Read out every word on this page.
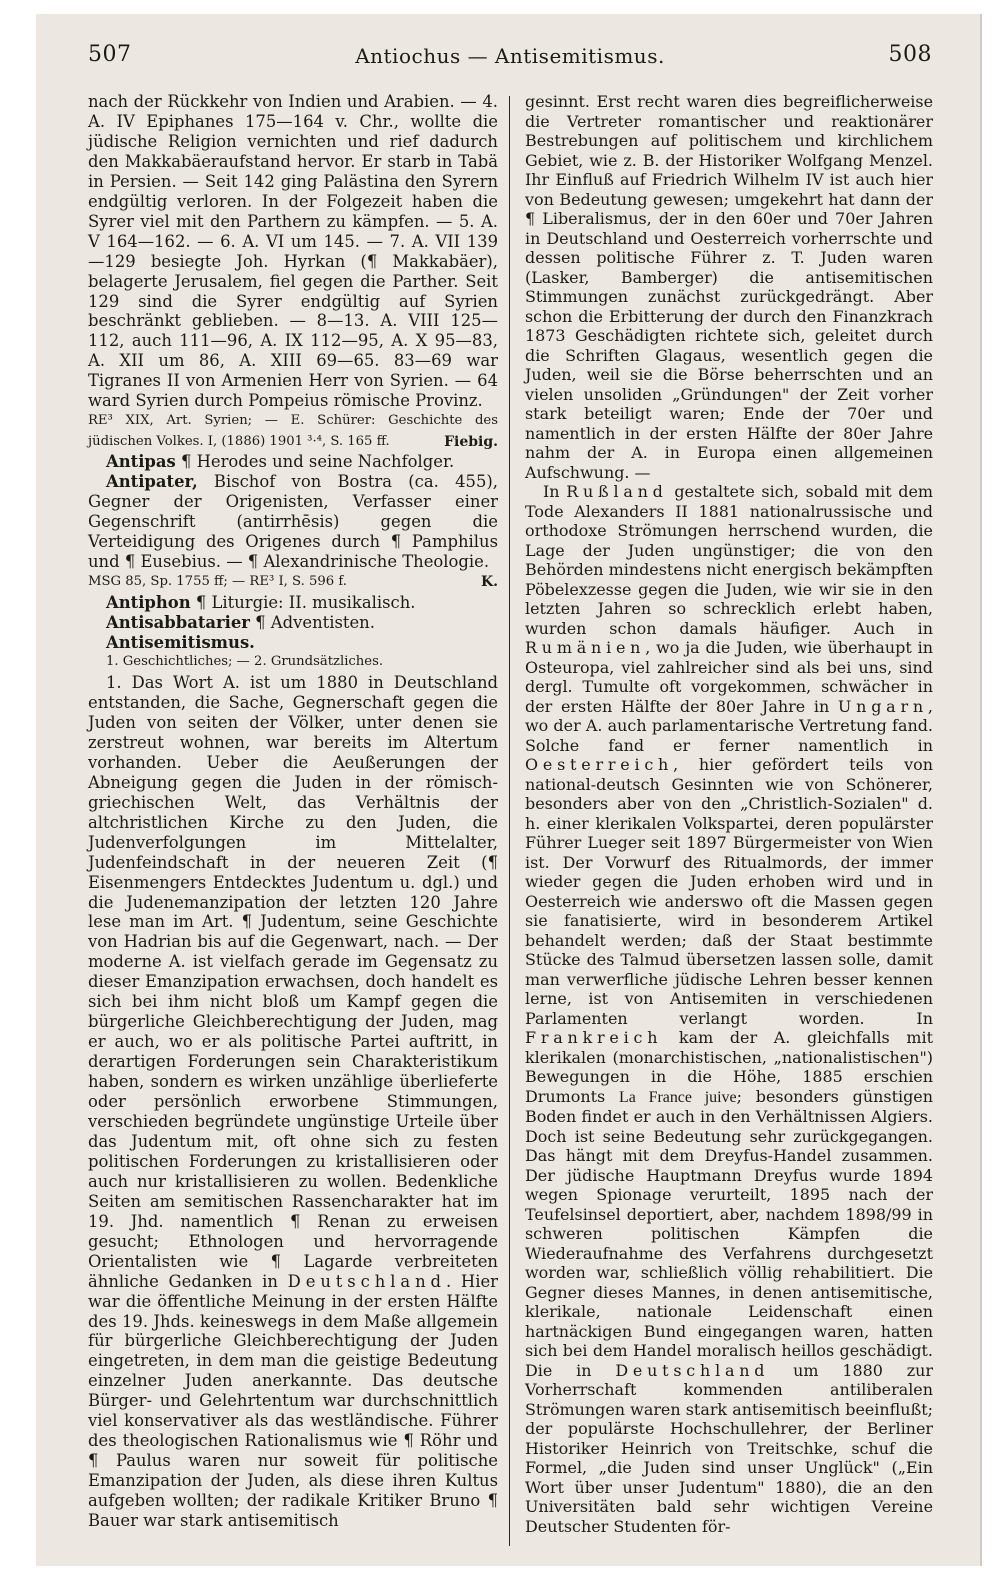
507	Antiochus — Antisemitismus.	508

nach der Rückkehr von Indien und Arabien. — 4. A. IV Epiphanes 175—164 v. Chr., wollte die jüdische Religion vernichten und rief dadurch den Makkabäeraufstand hervor. Er starb in Tabä in Persien. — Seit 142 ging Palästina den Syrern endgültig verloren. In der Folgezeit haben die Syrer viel mit den Parthern zu kämpfen. — 5. A. V 164—162. — 6. A. VI um 145. — 7. A. VII 139—129 besiegte Joh. Hyrkan (¶ Makkabäer), belagerte Jerusalem, fiel gegen die Parther. Seit 129 sind die Syrer endgültig auf Syrien beschränkt geblieben. — 8—13. A. VIII 125—112, auch 111—96, A. IX 112—95, A. X 95—83, A. XII um 86, A. XIII 69—65. 83—69 war Tigranes II von Armenien Herr von Syrien. — 64 ward Syrien durch Pompeius römische Provinz.

RE³ XIX, Art. Syrien; — E. Schürer: Geschichte des jüdischen Volkes. I, (1886) 1901 ³·⁴, S. 165 ff.	Fiebig.

Antipas ¶ Herodes und seine Nachfolger.

Antipater, Bischof von Bostra (ca. 455), Gegner der Origenisten, Verfasser einer Gegenschrift (antirrhēsis) gegen die Verteidigung des Origenes durch ¶ Pamphilus und ¶ Eusebius. — ¶ Alexandrinische Theologie.

MSG 85, Sp. 1755 ff; — RE³ I, S. 596 f.	K.

Antiphon ¶ Liturgie: II. musikalisch.

Antisabbatarier ¶ Adventisten.

Antisemitismus.

1. Geschichtliches; — 2. Grundsätzliches.

1. Das Wort A. ist um 1880 in Deutschland entstanden, die Sache, Gegnerschaft gegen die Juden von seiten der Völker, unter denen sie zerstreut wohnen, war bereits im Altertum vorhanden. Ueber die Aeußerungen der Abneigung gegen die Juden in der römisch-griechischen Welt, das Verhältnis der altchristlichen Kirche zu den Juden, die Judenverfolgungen im Mittelalter, Judenfeindschaft in der neueren Zeit (¶ Eisenmengers Entdecktes Judentum u. dgl.) und die Judenemanzipation der letzten 120 Jahre lese man im Art. ¶ Judentum, seine Geschichte von Hadrian bis auf die Gegenwart, nach. — Der moderne A. ist vielfach gerade im Gegensatz zu dieser Emanzipation erwachsen, doch handelt es sich bei ihm nicht bloß um Kampf gegen die bürgerliche Gleichberechtigung der Juden, mag er auch, wo er als politische Partei auftritt, in derartigen Forderungen sein Charakteristikum haben, sondern es wirken unzählige überlieferte oder persönlich erworbene Stimmungen, verschieden begründete ungünstige Urteile über das Judentum mit, oft ohne sich zu festen politischen Forderungen zu kristallisieren oder auch nur kristallisieren zu wollen. Bedenkliche Seiten am semitischen Rassencharakter hat im 19. Jhd. namentlich ¶ Renan zu erweisen gesucht; Ethnologen und hervorragende Orientalisten wie ¶ Lagarde verbreiteten ähnliche Gedanken in Deutschland. Hier war die öffentliche Meinung in der ersten Hälfte des 19. Jhds. keineswegs in dem Maße allgemein für bürgerliche Gleichberechtigung der Juden eingetreten, in dem man die geistige Bedeutung einzelner Juden anerkannte. Das deutsche Bürger- und Gelehrtentum war durchschnittlich viel konservativer als das westländische. Führer des theologischen Rationalismus wie ¶ Röhr und ¶ Paulus waren nur soweit für politische Emanzipation der Juden, als diese ihren Kultus aufgeben wollten; der radikale Kritiker Bruno ¶ Bauer war stark antisemitisch

gesinnt. Erst recht waren dies begreiflicherweise die Vertreter romantischer und reaktionärer Bestrebungen auf politischem und kirchlichem Gebiet, wie z. B. der Historiker Wolfgang Menzel. Ihr Einfluß auf Friedrich Wilhelm IV ist auch hier von Bedeutung gewesen; umgekehrt hat dann der ¶ Liberalismus, der in den 60er und 70er Jahren in Deutschland und Oesterreich vorherrschte und dessen politische Führer z. T. Juden waren (Lasker, Bamberger) die antisemitischen Stimmungen zunächst zurückgedrängt. Aber schon die Erbitterung der durch den Finanzkrach 1873 Geschädigten richtete sich, geleitet durch die Schriften Glagaus, wesentlich gegen die Juden, weil sie die Börse beherrschten und an vielen unsoliden „Gründungen" der Zeit vorher stark beteiligt waren; Ende der 70er und namentlich in der ersten Hälfte der 80er Jahre nahm der A. in Europa einen allgemeinen Aufschwung. —

In Rußland gestaltete sich, sobald mit dem Tode Alexanders II 1881 nationalrussische und orthodoxe Strömungen herrschend wurden, die Lage der Juden ungünstiger; die von den Behörden mindestens nicht energisch bekämpften Pöbelexzesse gegen die Juden, wie wir sie in den letzten Jahren so schrecklich erlebt haben, wurden schon damals häufiger. Auch in Rumänien, wo ja die Juden, wie überhaupt in Osteuropa, viel zahlreicher sind als bei uns, sind dergl. Tumulte oft vorgekommen, schwächer in der ersten Hälfte der 80er Jahre in Ungarn, wo der A. auch parlamentarische Vertretung fand. Solche fand er ferner namentlich in Oesterreich, hier gefördert teils von national-deutsch Gesinnten wie von Schönerer, besonders aber von den „Christlich-Sozialen" d. h. einer klerikalen Volkspartei, deren populärster Führer Lueger seit 1897 Bürgermeister von Wien ist. Der Vorwurf des Ritualmords, der immer wieder gegen die Juden erhoben wird und in Oesterreich wie anderswo oft die Massen gegen sie fanatisierte, wird in besonderem Artikel behandelt werden; daß der Staat bestimmte Stücke des Talmud übersetzen lassen solle, damit man verwerfliche jüdische Lehren besser kennen lerne, ist von Antisemiten in verschiedenen Parlamenten verlangt worden. In Frankreich kam der A. gleichfalls mit klerikalen (monarchistischen, „nationalistischen") Bewegungen in die Höhe, 1885 erschien Drumonts La France juive; besonders günstigen Boden findet er auch in den Verhältnissen Algiers. Doch ist seine Bedeutung sehr zurückgegangen. Das hängt mit dem Dreyfus-Handel zusammen. Der jüdische Hauptmann Dreyfus wurde 1894 wegen Spionage verurteilt, 1895 nach der Teufelsinsel deportiert, aber, nachdem 1898/99 in schweren politischen Kämpfen die Wiederaufnahme des Verfahrens durchgesetzt worden war, schließlich völlig rehabilitiert. Die Gegner dieses Mannes, in denen antisemitische, klerikale, nationale Leidenschaft einen hartnäckigen Bund eingegangen waren, hatten sich bei dem Handel moralisch heillos geschädigt. Die in Deutschland um 1880 zur Vorherrschaft kommenden antiliberalen Strömungen waren stark antisemitisch beeinflußt; der populärste Hochschullehrer, der Berliner Historiker Heinrich von Treitschke, schuf die Formel, „die Juden sind unser Unglück" („Ein Wort über unser Judentum" 1880), die an den Universitäten bald sehr wichtigen Vereine Deutscher Studenten för-
